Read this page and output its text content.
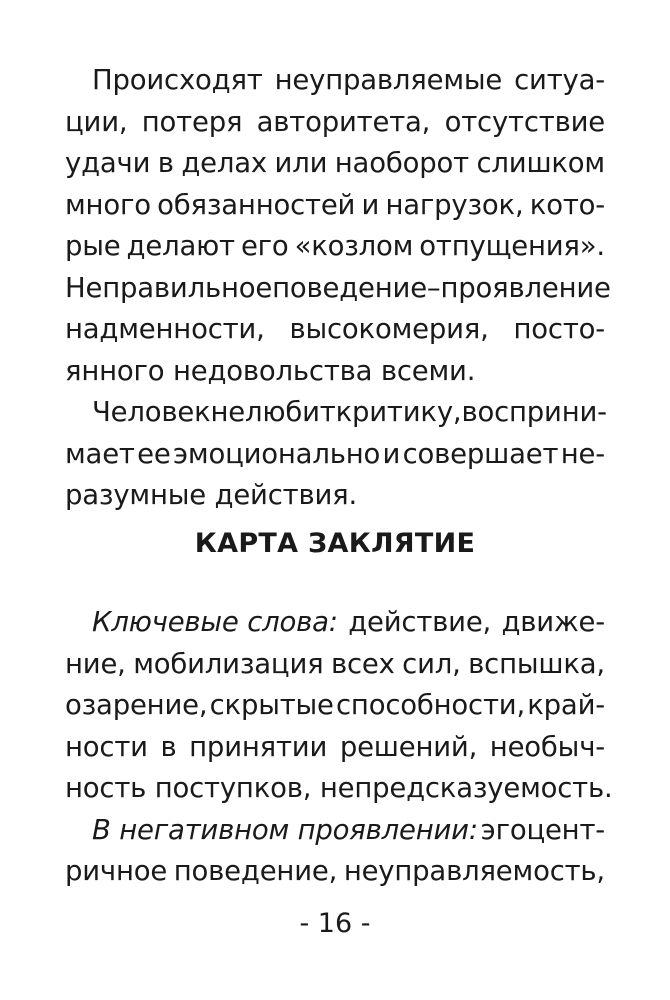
Происходят неуправляемые ситуа-
ции, потеря авторитета, отсутствие
удачи в делах или наоборот слишком
много обязанностей и нагрузок, кото-
рые делают его «козлом отпущения».
Неправильное поведение – проявление
надменности, высокомерия, посто-
янного недовольства всеми.
Человек не любит критику, восприни-
мает ее эмоционально и совершает не-
разумные действия.
КАРТА ЗАКЛЯТИЕ
Ключевые слова: действие, движе-
ние, мобилизация всех сил, вспышка,
озарение, скрытые способности, край-
ности в принятии решений, необыч-
ность поступков, непредсказуемость.
В негативном проявлении: эгоцент-
ричное поведение, неуправляемость,
- 16 -
